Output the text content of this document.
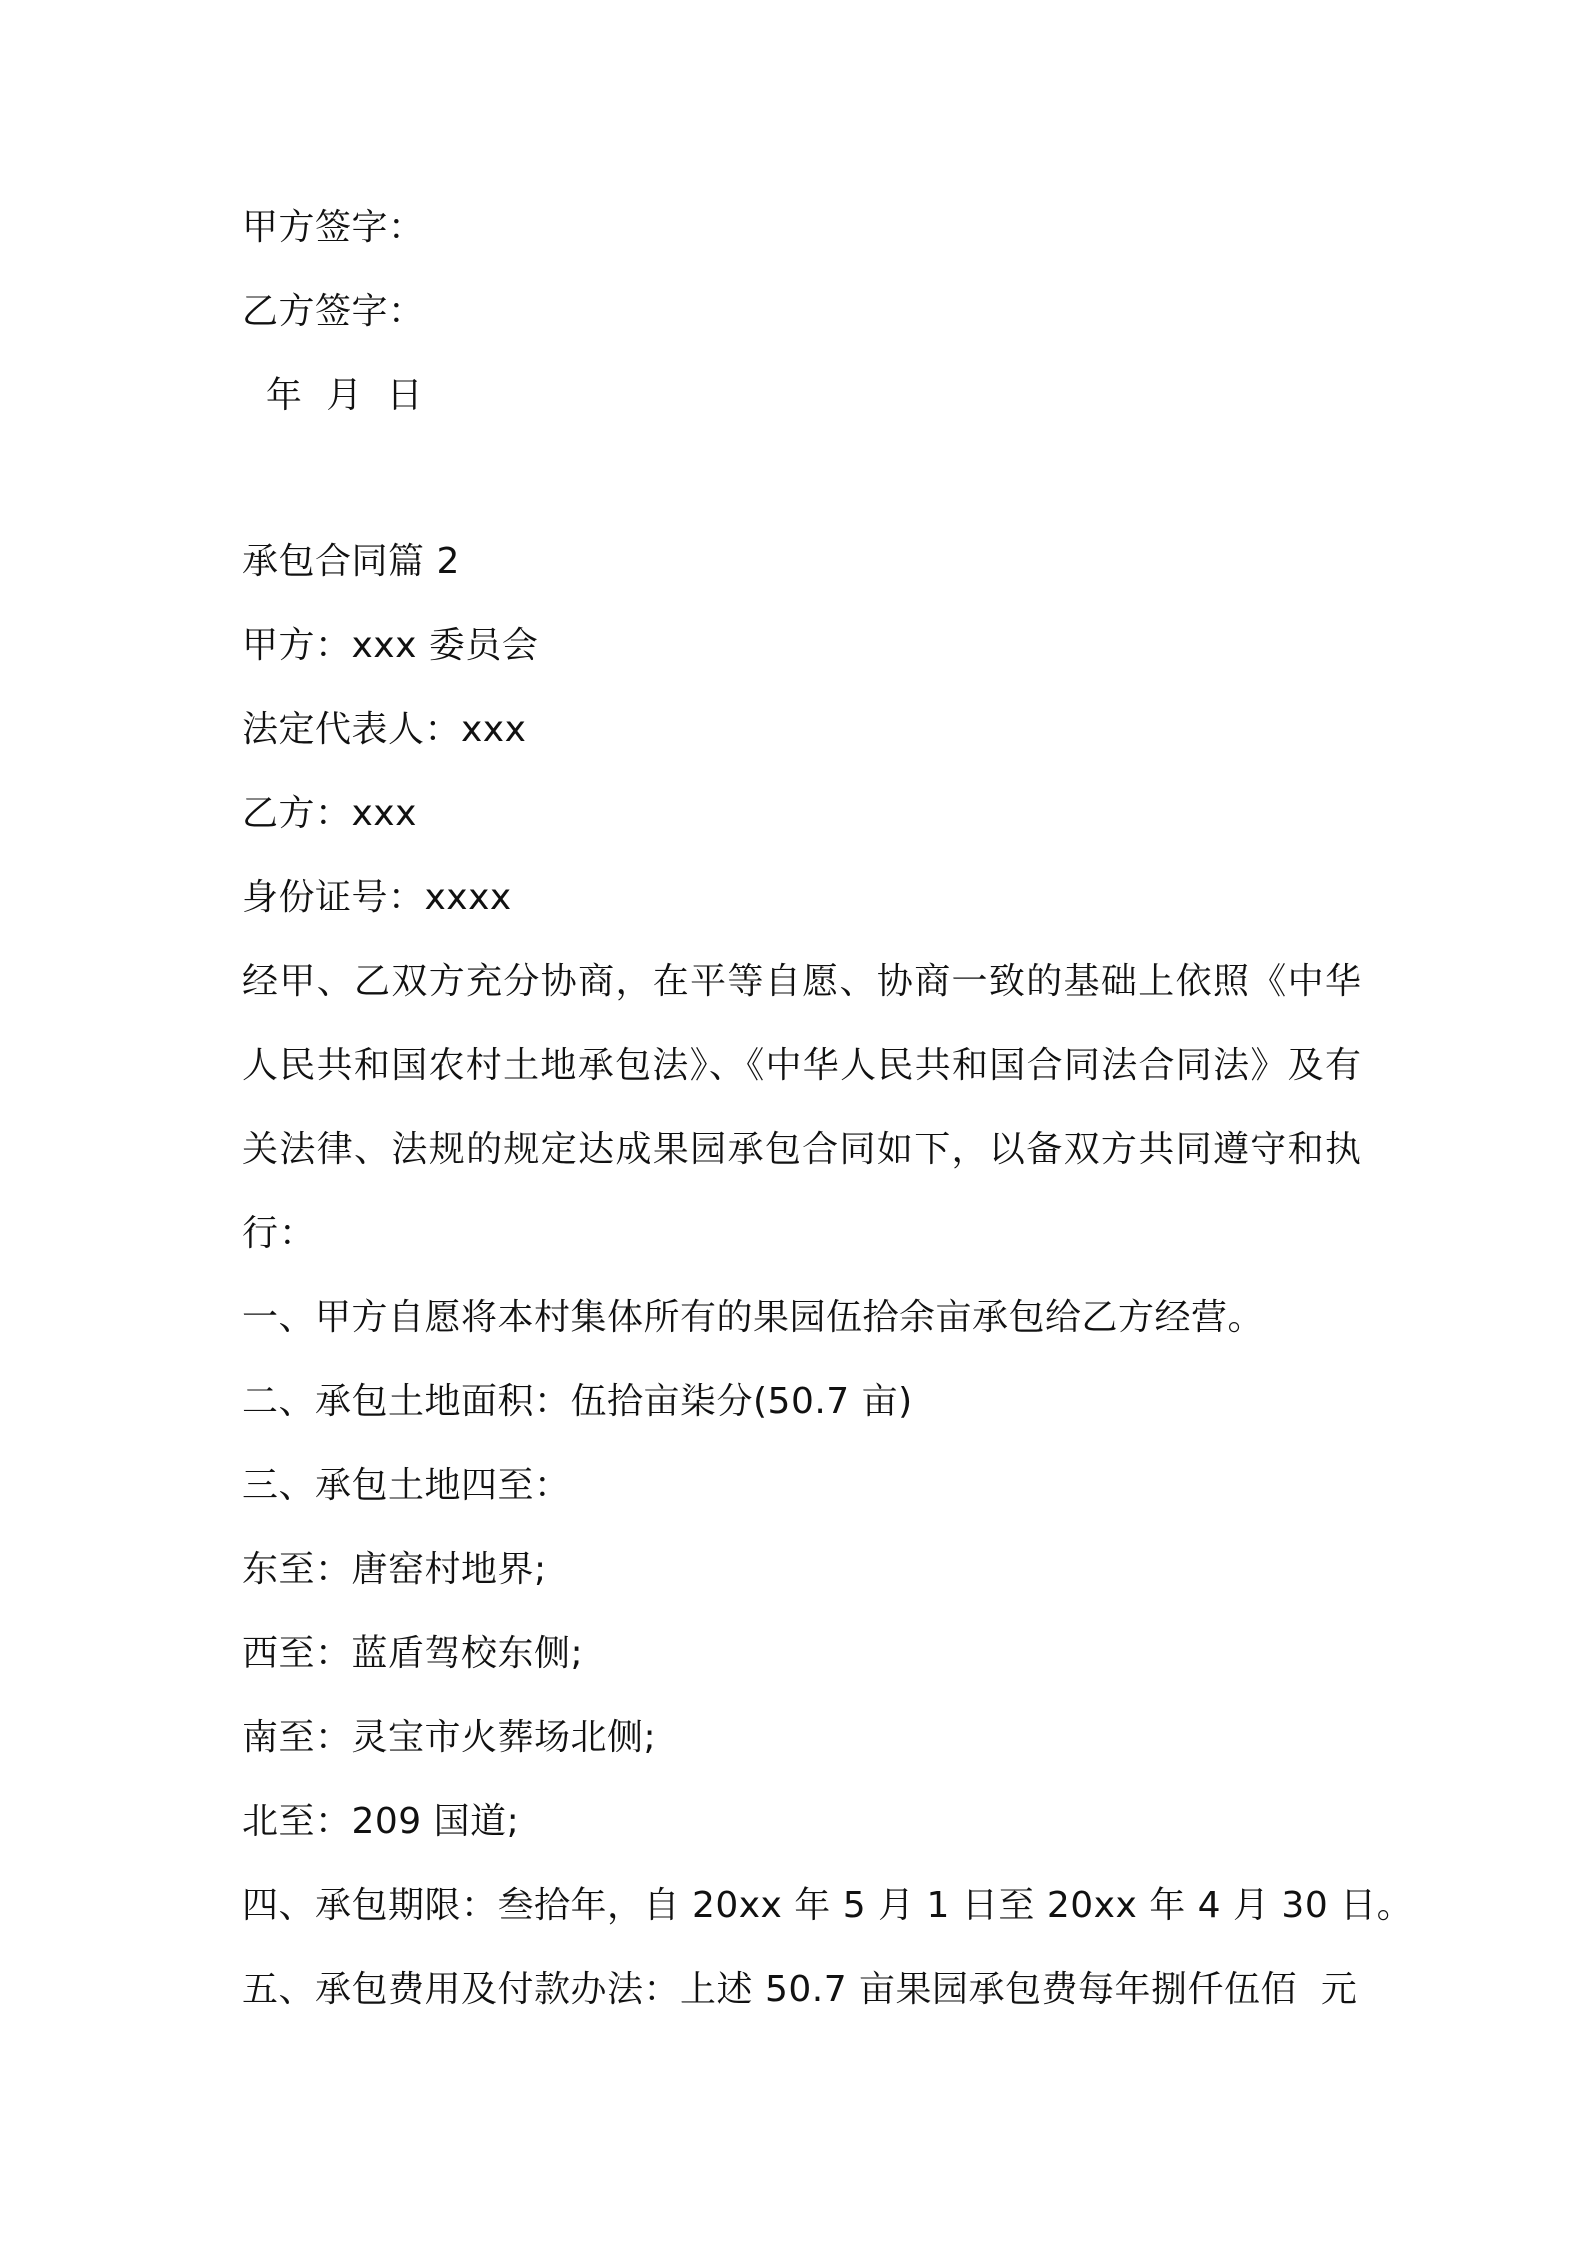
甲方签字：
乙方签字：
年  月  日
承包合同篇 2
甲方：xxx 委员会
法定代表人：xxx
乙方：xxx
身份证号：xxxx
经甲、乙双方充分协商，在平等自愿、协商一致的基础上依照《中华人民共和国农村土地承包法》、《中华人民共和国合同法合同法》及有关法律、法规的规定达成果园承包合同如下，以备双方共同遵守和执行：
一、甲方自愿将本村集体所有的果园伍拾余亩承包给乙方经营。
二、承包土地面积：伍拾亩柒分(50.7 亩)
三、承包土地四至：
东至：唐窑村地界;
西至：蓝盾驾校东侧;
南至：灵宝市火葬场北侧;
北至：209 国道;
四、承包期限：叁拾年，自 20xx 年 5 月 1 日至 20xx 年 4 月 30 日。
五、承包费用及付款办法：上述 50.7 亩果园承包费每年捌仟伍佰  元
